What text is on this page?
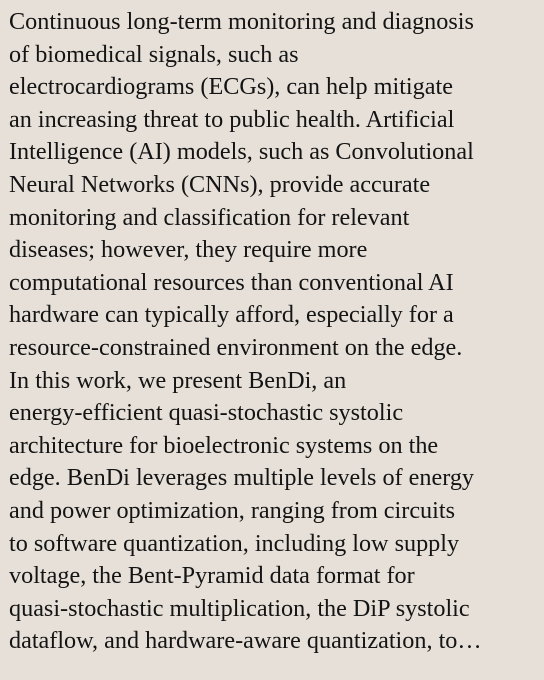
Continuous long-term monitoring and diagnosis
of biomedical signals, such as
electrocardiograms (ECGs), can help mitigate
an increasing threat to public health. Artificial
Intelligence (AI) models, such as Convolutional
Neural Networks (CNNs), provide accurate
monitoring and classification for relevant
diseases; however, they require more
computational resources than conventional AI
hardware can typically afford, especially for a
resource-constrained environment on the edge.
In this work, we present BenDi, an
energy-efficient quasi-stochastic systolic
architecture for bioelectronic systems on the
edge. BenDi leverages multiple levels of energy
and power optimization, ranging from circuits
to software quantization, including low supply
voltage, the Bent-Pyramid data format for
quasi-stochastic multiplication, the DiP systolic
dataflow, and hardware-aware quantization, to…
